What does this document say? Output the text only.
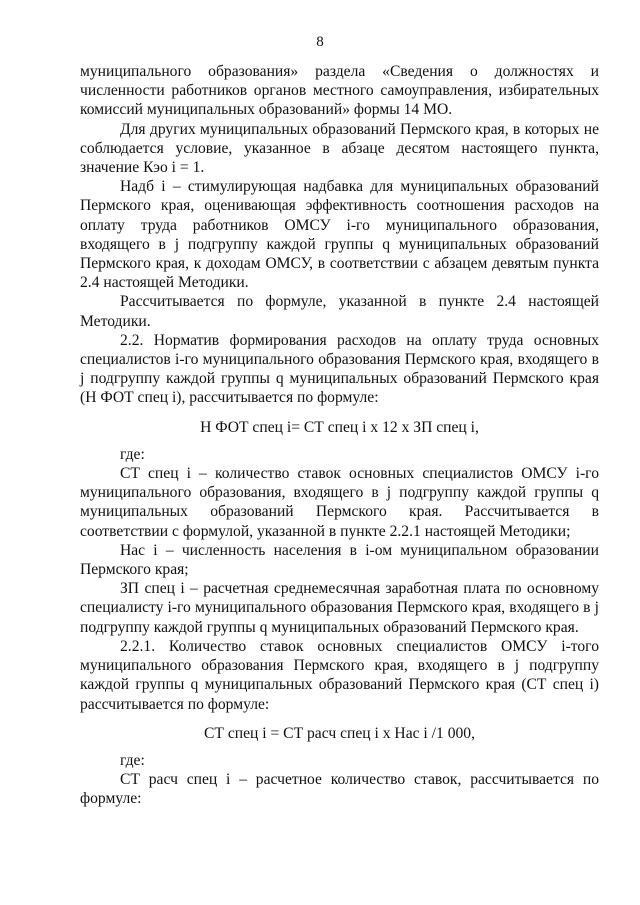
8

муниципального образования» раздела «Сведения о должностях и численности работников органов местного самоуправления, избирательных комиссий муниципальных образований» формы 14 МО.

Для других муниципальных образований Пермского края, в которых не соблюдается условие, указанное в абзаце десятом настоящего пункта, значение Кэо i = 1.

Надб i – стимулирующая надбавка для муниципальных образований Пермского края, оценивающая эффективность соотношения расходов на оплату труда работников ОМСУ i-го муниципального образования, входящего в j подгруппу каждой группы q муниципальных образований Пермского края, к доходам ОМСУ, в соответствии с абзацем девятым пункта 2.4 настоящей Методики.

Рассчитывается по формуле, указанной в пункте 2.4 настоящей Методики.

2.2. Норматив формирования расходов на оплату труда основных специалистов i-го муниципального образования Пермского края, входящего в j подгруппу каждой группы q муниципальных образований Пермского края (Н ФОТ спец i), рассчитывается по формуле:

Н ФОТ спец i= СТ спец i х 12 х ЗП спец i,

где:

СТ спец i – количество ставок основных специалистов ОМСУ i-го муниципального образования, входящего в j подгруппу каждой группы q муниципальных образований Пермского края. Рассчитывается в соответствии с формулой, указанной в пункте 2.2.1 настоящей Методики;

Нас i – численность населения в i-ом муниципальном образовании Пермского края;

ЗП спец i – расчетная среднемесячная заработная плата по основному специалисту i-го муниципального образования Пермского края, входящего в j подгруппу каждой группы q муниципальных образований Пермского края.

2.2.1. Количество ставок основных специалистов ОМСУ i-того муниципального образования Пермского края, входящего в j подгруппу каждой группы q муниципальных образований Пермского края (СТ спец i) рассчитывается по формуле:

СТ спец i = СТ расч спец i х Нас i /1 000,

где:

СТ расч спец i – расчетное количество ставок, рассчитывается по формуле:
